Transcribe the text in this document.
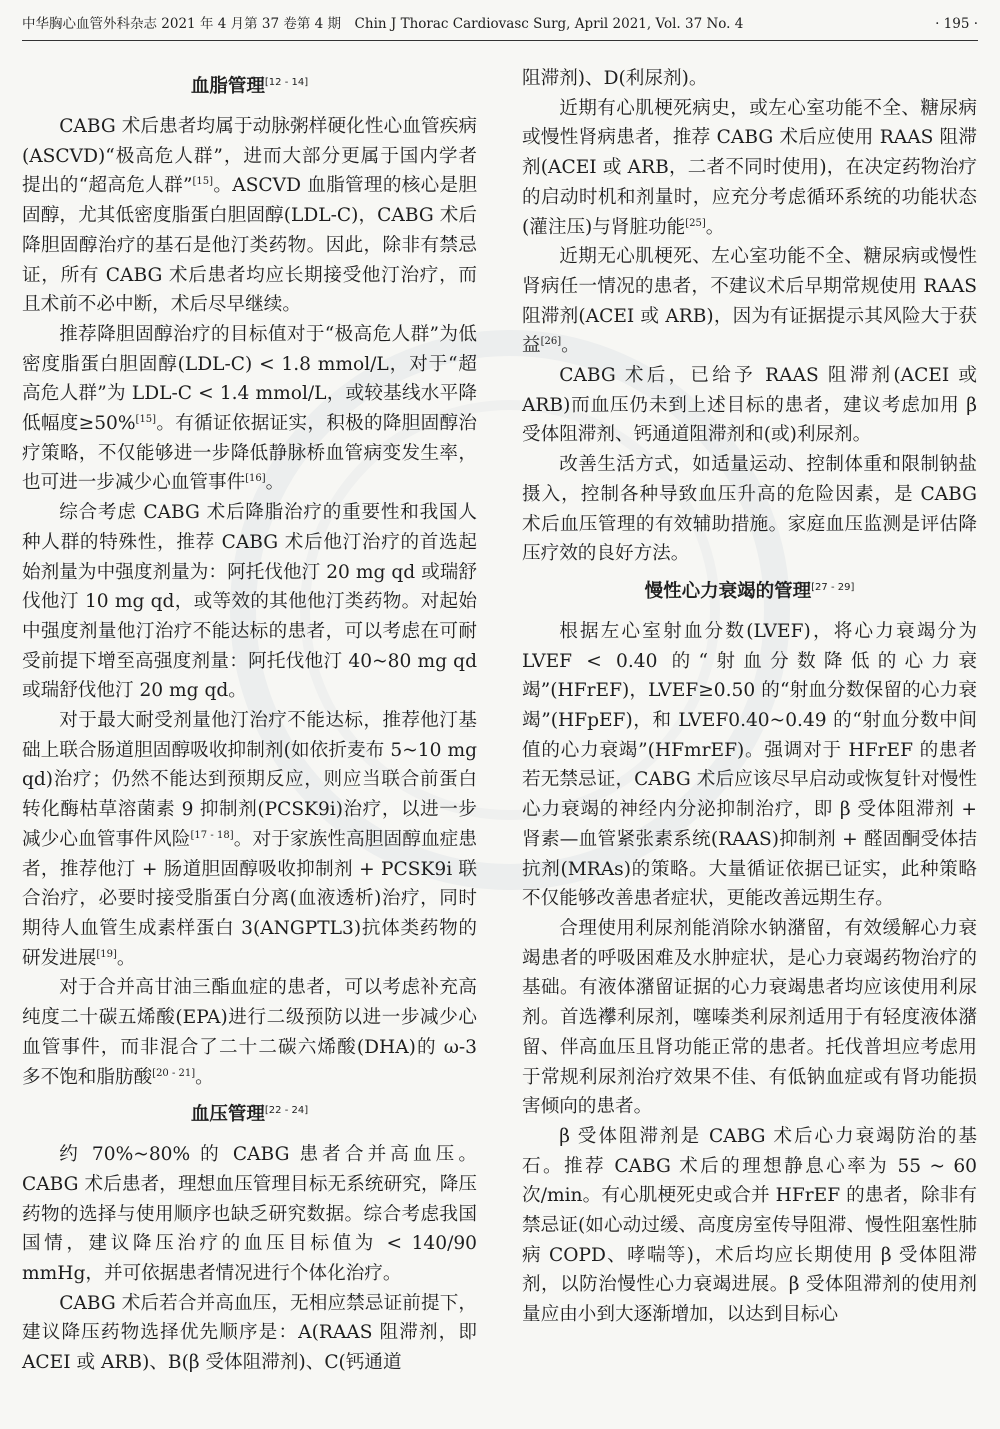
中华胸心血管外科杂志 2021 年 4 月第 37 卷第 4 期　Chin J Thorac Cardiovasc Surg, April 2021, Vol. 37 No. 4	· 195 ·
血脂管理[12 - 14]

CABG 术后患者均属于动脉粥样硬化性心血管疾病(ASCVD)“极高危人群”，进而大部分更属于国内学者提出的“超高危人群”[15]。ASCVD 血脂管理的核心是胆固醇，尤其低密度脂蛋白胆固醇(LDL-C)，CABG 术后降胆固醇治疗的基石是他汀类药物。因此，除非有禁忌证，所有 CABG 术后患者均应长期接受他汀治疗，而且术前不必中断，术后尽早继续。

推荐降胆固醇治疗的目标值对于“极高危人群”为低密度脂蛋白胆固醇(LDL-C) < 1.8 mmol/L，对于“超高危人群”为 LDL-C < 1.4 mmol/L，或较基线水平降低幅度≥50%[15]。有循证依据证实，积极的降胆固醇治疗策略，不仅能够进一步降低静脉桥血管病变发生率，也可进一步减少心血管事件[16]。

综合考虑 CABG 术后降脂治疗的重要性和我国人种人群的特殊性，推荐 CABG 术后他汀治疗的首选起始剂量为中强度剂量为：阿托伐他汀 20 mg qd 或瑞舒伐他汀 10 mg qd，或等效的其他他汀类药物。对起始中强度剂量他汀治疗不能达标的患者，可以考虑在可耐受前提下增至高强度剂量：阿托伐他汀 40~80 mg qd 或瑞舒伐他汀 20 mg qd。

对于最大耐受剂量他汀治疗不能达标，推荐他汀基础上联合肠道胆固醇吸收抑制剂(如依折麦布 5~10 mg qd)治疗；仍然不能达到预期反应，则应当联合前蛋白转化酶枯草溶菌素 9 抑制剂(PCSK9i)治疗，以进一步减少心血管事件风险[17 - 18]。对于家族性高胆固醇血症患者，推荐他汀 + 肠道胆固醇吸收抑制剂 + PCSK9i 联合治疗，必要时接受脂蛋白分离(血液透析)治疗，同时期待人血管生成素样蛋白 3(ANGPTL3)抗体类药物的研发进展[19]。

对于合并高甘油三酯血症的患者，可以考虑补充高纯度二十碳五烯酸(EPA)进行二级预防以进一步减少心血管事件，而非混合了二十二碳六烯酸(DHA)的 ω-3 多不饱和脂肪酸[20 - 21]。

血压管理[22 - 24]

约 70%~80% 的 CABG 患者合并高血压。CABG 术后患者，理想血压管理目标无系统研究，降压药物的选择与使用顺序也缺乏研究数据。综合考虑我国国情，建议降压治疗的血压目标值为 < 140/90 mmHg，并可依据患者情况进行个体化治疗。

CABG 术后若合并高血压，无相应禁忌证前提下，建议降压药物选择优先顺序是：A(RAAS 阻滞剂，即 ACEI 或 ARB)、B(β 受体阻滞剂)、C(钙通道

阻滞剂)、D(利尿剂)。

近期有心肌梗死病史，或左心室功能不全、糖尿病或慢性肾病患者，推荐 CABG 术后应使用 RAAS 阻滞剂(ACEI 或 ARB，二者不同时使用)，在决定药物治疗的启动时机和剂量时，应充分考虑循环系统的功能状态(灌注压)与肾脏功能[25]。

近期无心肌梗死、左心室功能不全、糖尿病或慢性肾病任一情况的患者，不建议术后早期常规使用 RAAS 阻滞剂(ACEI 或 ARB)，因为有证据提示其风险大于获益[26]。

CABG 术后，已给予 RAAS 阻滞剂(ACEI 或 ARB)而血压仍未到上述目标的患者，建议考虑加用 β 受体阻滞剂、钙通道阻滞剂和(或)利尿剂。

改善生活方式，如适量运动、控制体重和限制钠盐摄入，控制各种导致血压升高的危险因素，是 CABG 术后血压管理的有效辅助措施。家庭血压监测是评估降压疗效的良好方法。

慢性心力衰竭的管理[27 - 29]

根据左心室射血分数(LVEF)，将心力衰竭分为 LVEF < 0.40 的“射血分数降低的心力衰竭”(HFrEF)，LVEF≥0.50 的“射血分数保留的心力衰竭”(HFpEF)，和 LVEF0.40~0.49 的“射血分数中间值的心力衰竭”(HFmrEF)。强调对于 HFrEF 的患者若无禁忌证，CABG 术后应该尽早启动或恢复针对慢性心力衰竭的神经内分泌抑制治疗，即 β 受体阻滞剂 + 肾素—血管紧张素系统(RAAS)抑制剂 + 醛固酮受体拮抗剂(MRAs)的策略。大量循证依据已证实，此种策略不仅能够改善患者症状，更能改善远期生存。

合理使用利尿剂能消除水钠潴留，有效缓解心力衰竭患者的呼吸困难及水肿症状，是心力衰竭药物治疗的基础。有液体潴留证据的心力衰竭患者均应该使用利尿剂。首选襻利尿剂，噻嗪类利尿剂适用于有轻度液体潴留、伴高血压且肾功能正常的患者。托伐普坦应考虑用于常规利尿剂治疗效果不佳、有低钠血症或有肾功能损害倾向的患者。

β 受体阻滞剂是 CABG 术后心力衰竭防治的基石。推荐 CABG 术后的理想静息心率为 55 ~ 60 次/min。有心肌梗死史或合并 HFrEF 的患者，除非有禁忌证(如心动过缓、高度房室传导阻滞、慢性阻塞性肺病 COPD、哮喘等)，术后均应长期使用 β 受体阻滞剂，以防治慢性心力衰竭进展。β 受体阻滞剂的使用剂量应由小到大逐渐增加，以达到目标心
